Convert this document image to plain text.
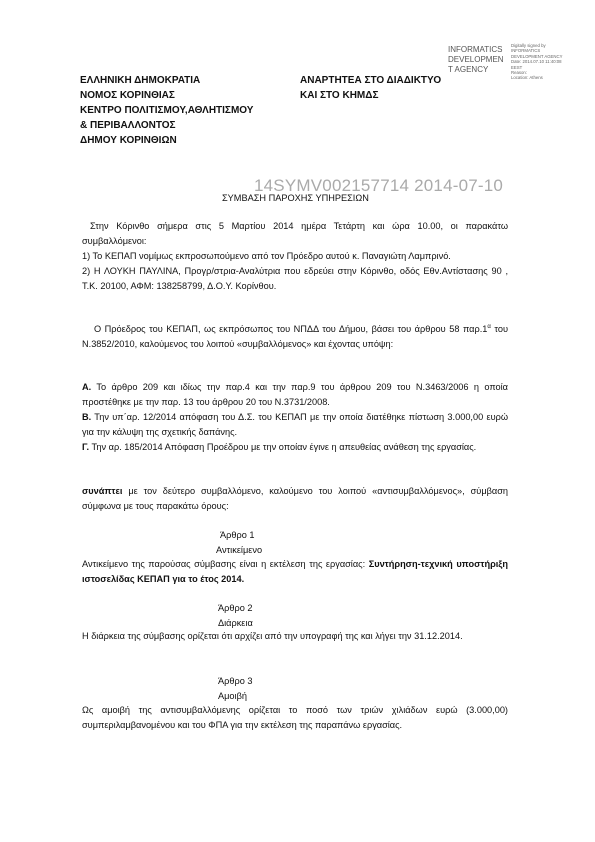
INFORMATICS
DEVELOPMEN
T AGENCY
Digitally signed by
INFORMATICS
DEVELOPMENT AGENCY
Date: 2014.07.10 11:40:08
EEST
Reason:
Location: Athens
ΕΛΛΗΝΙΚΗ ΔΗΜΟΚΡΑΤΙΑ
ΝΟΜΟΣ ΚΟΡΙΝΘΙΑΣ
ΚΕΝΤΡΟ ΠΟΛΙΤΙΣΜΟΥ,ΑΘΛΗΤΙΣΜΟΥ
& ΠΕΡΙΒΑΛΛΟΝΤΟΣ
ΔΗΜΟΥ ΚΟΡΙΝΘΙΩΝ
ΑΝΑΡΤΗΤΕΑ ΣΤΟ ΔΙΑΔΙΚΤΥΟ
ΚΑΙ ΣΤΟ ΚΗΜΔΣ
14SYMV002157714 2014-07-10
ΣΥΜΒΑΣΗ ΠΑΡΟΧΗΣ ΥΠΗΡΕΣΙΩΝ
Στην Κόρινθο σήμερα στις 5 Μαρτίου 2014 ημέρα Τετάρτη και ώρα 10.00, οι παρακάτω συμβαλλόμενοι:
1) Το ΚΕΠΑΠ νομίμως εκπροσωπούμενο από τον Πρόεδρο αυτού κ. Παναγιώτη Λαμπρινό.
2) Η ΛΟΥΚΗ ΠΑΥΛΙΝΑ, Προγρ/στρια-Αναλύτρια που εδρεύει στην Κόρινθο, οδός Εθν.Αντίστασης 90 , Τ.Κ. 20100, ΑΦΜ: 138258799, Δ.Ο.Υ. Κορίνθου.
O Πρόεδρος του ΚΕΠΑΠ, ως εκπρόσωπος του ΝΠΔΔ του Δήμου, βάσει του άρθρου 58 $\pi\alpha\rho.1^\alpha$ του Ν.3852/2010, καλούμενος του λοιπού «συμβαλλόμενος» και έχοντας υπόψη:
Α. Το άρθρο 209 και ιδίως την παρ.4 και την παρ.9 του άρθρου 209 του Ν.3463/2006 η οποία προστέθηκε με την παρ. 13 του άρθρου 20 του Ν.3731/2008.
Β. Την υπ΄αρ. 12/2014 απόφαση του Δ.Σ. του ΚΕΠΑΠ με την οποία διατέθηκε πίστωση 3.000,00 ευρώ για την κάλυψη της σχετικής δαπάνης.
Γ. Την αρ. 185/2014 Απόφαση Προέδρου με την οποίαν έγινε η απευθείας ανάθεση της εργασίας.
συνάπτει με τον δεύτερο συμβαλλόμενο, καλούμενο του λοιπού «αντισυμβαλλόμενος», σύμβαση σύμφωνα με τους παρακάτω όρους:
Άρθρο 1
Αντικείμενο
Αντικείμενο της παρούσας σύμβασης είναι η εκτέλεση της εργασίας: Συντήρηση-τεχνική υποστήριξη ιστοσελίδας ΚΕΠΑΠ για το έτος 2014.
Άρθρο 2
Διάρκεια
Η διάρκεια της σύμβασης ορίζεται ότι αρχίζει από την υπογραφή της και λήγει την 31.12.2014.
Άρθρο 3
Αμοιβή
Ως αμοιβή της αντισυμβαλλόμενης ορίζεται το ποσό των τριών χιλιάδων ευρώ (3.000,00) συμπεριλαμβανομένου και του ΦΠΑ για την εκτέλεση της παραπάνω εργασίας.
